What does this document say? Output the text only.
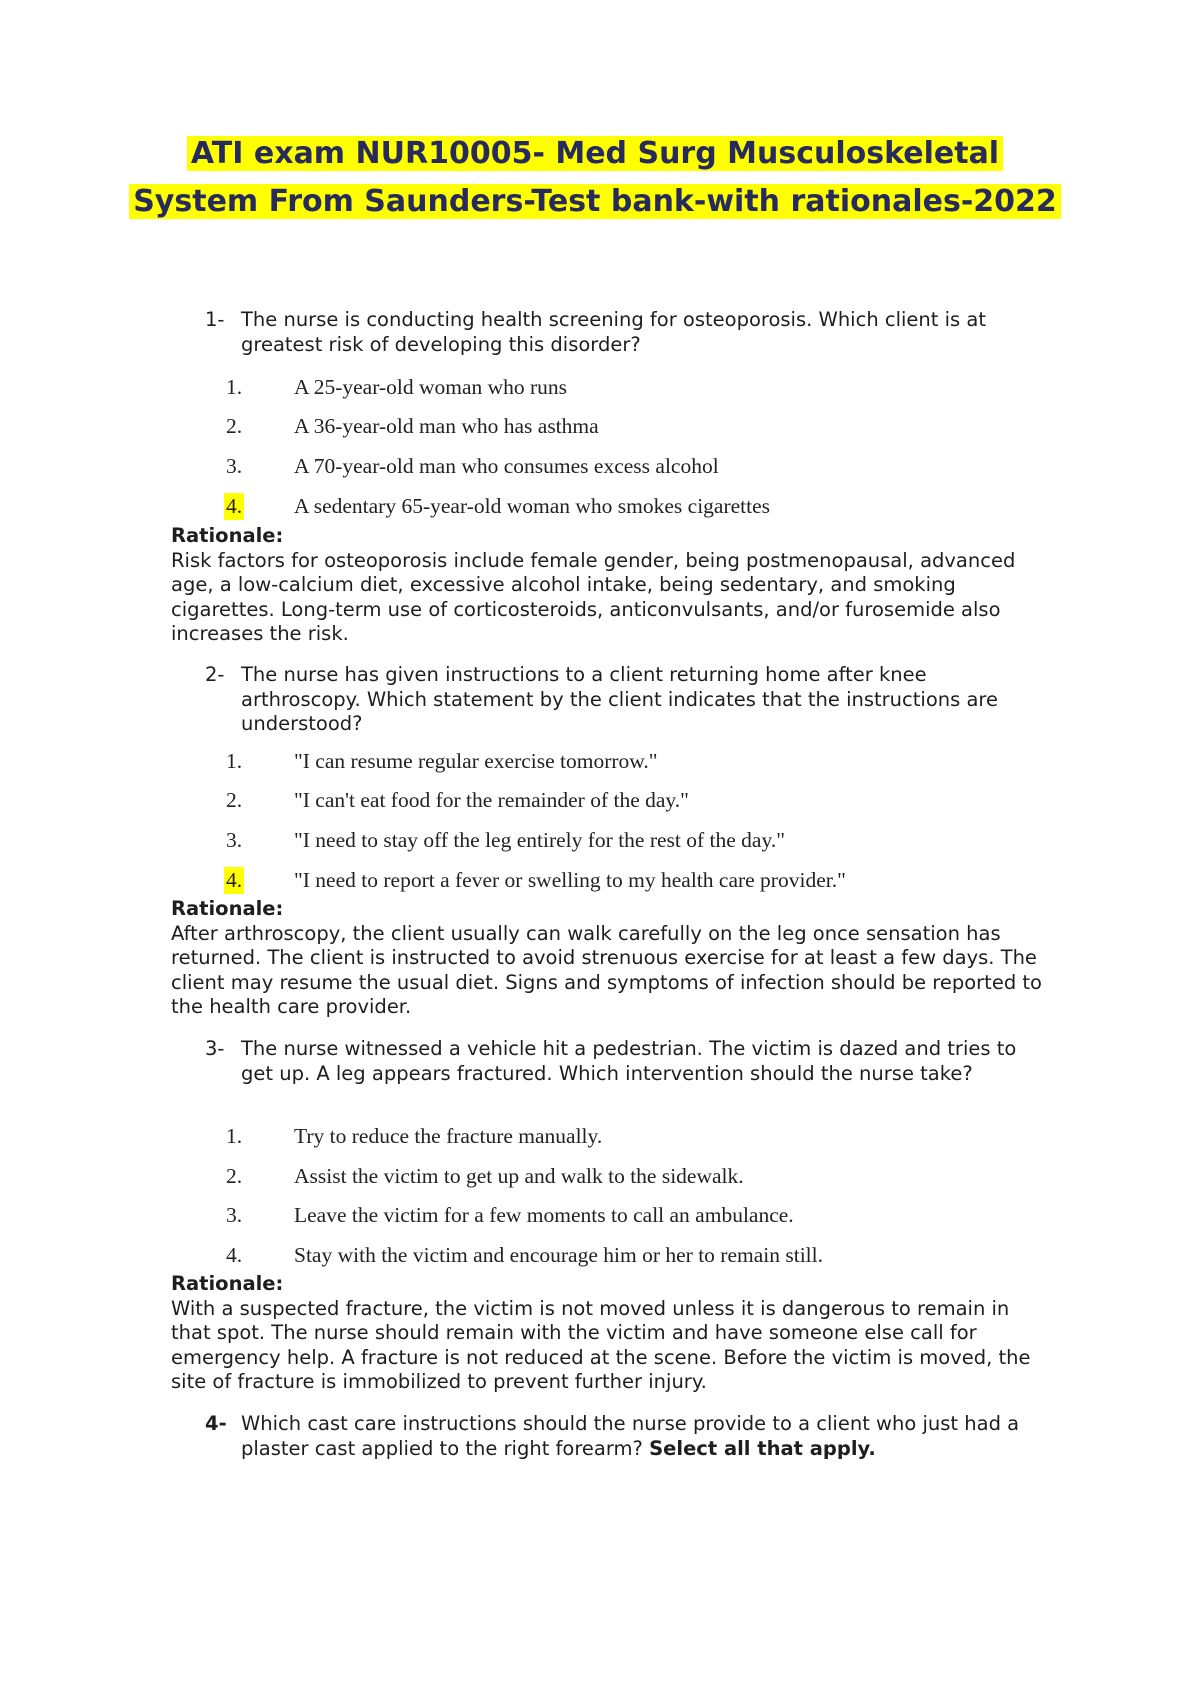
ATI exam NUR10005- Med Surg Musculoskeletal
System From Saunders-Test bank-with rationales-2022
1- The nurse is conducting health screening for osteoporosis. Which client is at greatest risk of developing this disorder?
1. A 25-year-old woman who runs
2. A 36-year-old man who has asthma
3. A 70-year-old man who consumes excess alcohol
4. A sedentary 65-year-old woman who smokes cigarettes
Rationale:
Risk factors for osteoporosis include female gender, being postmenopausal, advanced age, a low-calcium diet, excessive alcohol intake, being sedentary, and smoking cigarettes. Long-term use of corticosteroids, anticonvulsants, and/or furosemide also increases the risk.
2- The nurse has given instructions to a client returning home after knee arthroscopy. Which statement by the client indicates that the instructions are understood?
1. "I can resume regular exercise tomorrow."
2. "I can't eat food for the remainder of the day."
3. "I need to stay off the leg entirely for the rest of the day."
4. "I need to report a fever or swelling to my health care provider."
Rationale:
After arthroscopy, the client usually can walk carefully on the leg once sensation has returned. The client is instructed to avoid strenuous exercise for at least a few days. The client may resume the usual diet. Signs and symptoms of infection should be reported to the health care provider.
3- The nurse witnessed a vehicle hit a pedestrian. The victim is dazed and tries to get up. A leg appears fractured. Which intervention should the nurse take?
1. Try to reduce the fracture manually.
2. Assist the victim to get up and walk to the sidewalk.
3. Leave the victim for a few moments to call an ambulance.
4. Stay with the victim and encourage him or her to remain still.
Rationale:
With a suspected fracture, the victim is not moved unless it is dangerous to remain in that spot. The nurse should remain with the victim and have someone else call for emergency help. A fracture is not reduced at the scene. Before the victim is moved, the site of fracture is immobilized to prevent further injury.
4- Which cast care instructions should the nurse provide to a client who just had a plaster cast applied to the right forearm? Select all that apply.
